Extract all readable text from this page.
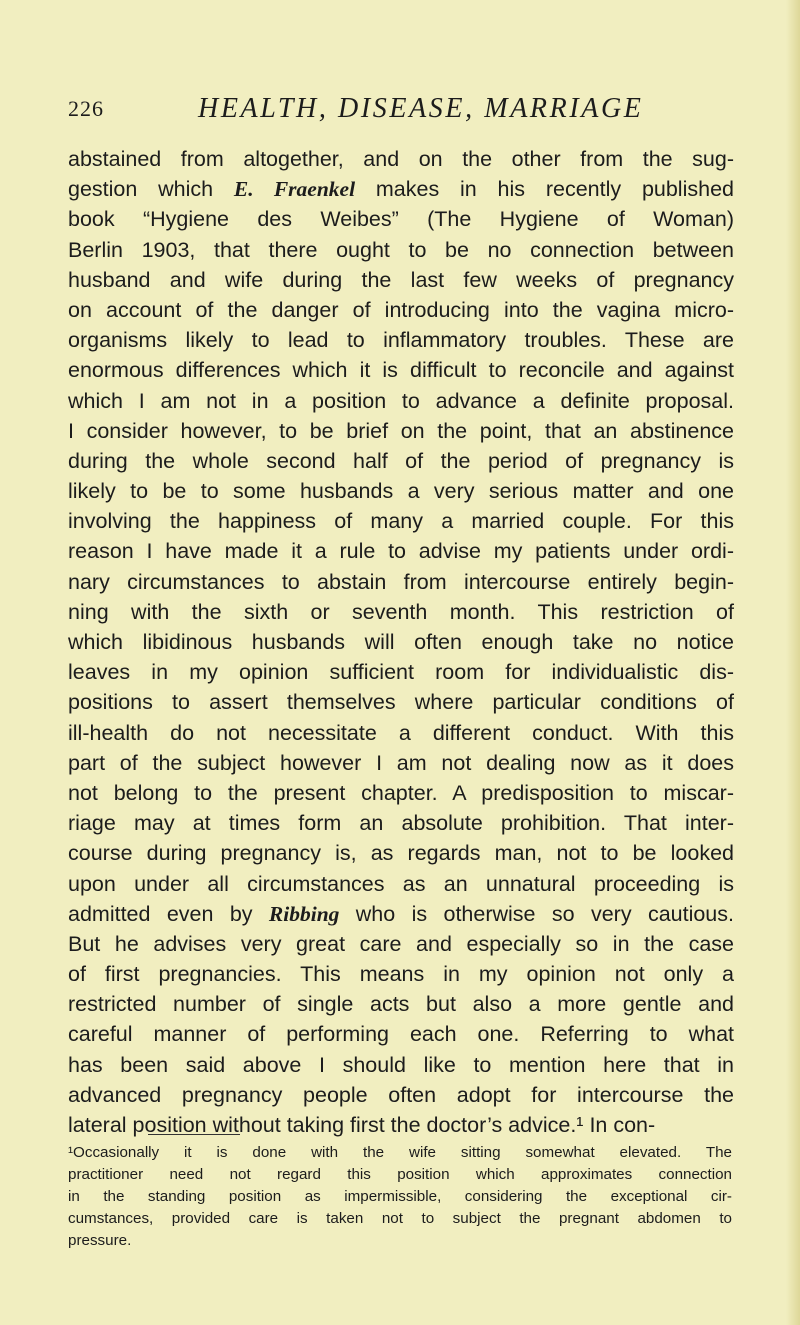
226	HEALTH, DISEASE, MARRIAGE
abstained from altogether, and on the other from the sug-
gestion which E. Fraenkel makes in his recently published
book “Hygiene des Weibes” (The Hygiene of Woman)
Berlin 1903, that there ought to be no connection between
husband and wife during the last few weeks of pregnancy
on account of the danger of introducing into the vagina micro-
organisms likely to lead to inflammatory troubles. These are
enormous differences which it is difficult to reconcile and against
which I am not in a position to advance a definite proposal.
I consider however, to be brief on the point, that an abstinence
during the whole second half of the period of pregnancy is
likely to be to some husbands a very serious matter and one
involving the happiness of many a married couple. For this
reason I have made it a rule to advise my patients under ordi-
nary circumstances to abstain from intercourse entirely begin-
ning with the sixth or seventh month. This restriction of
which libidinous husbands will often enough take no notice
leaves in my opinion sufficient room for individualistic dis-
positions to assert themselves where particular conditions of
ill-health do not necessitate a different conduct. With this
part of the subject however I am not dealing now as it does
not belong to the present chapter. A predisposition to miscar-
riage may at times form an absolute prohibition. That inter-
course during pregnancy is, as regards man, not to be looked
upon under all circumstances as an unnatural proceeding is
admitted even by Ribbing who is otherwise so very cautious.
But he advises very great care and especially so in the case
of first pregnancies. This means in my opinion not only a
restricted number of single acts but also a more gentle and
careful manner of performing each one. Referring to what
has been said above I should like to mention here that in
advanced pregnancy people often adopt for intercourse the
lateral position without taking first the doctor’s advice.¹ In con-
¹Occasionally it is done with the wife sitting somewhat elevated. The
practitioner need not regard this position which approximates connection
in the standing position as impermissible, considering the exceptional cir-
cumstances, provided care is taken not to subject the pregnant abdomen to
pressure.
